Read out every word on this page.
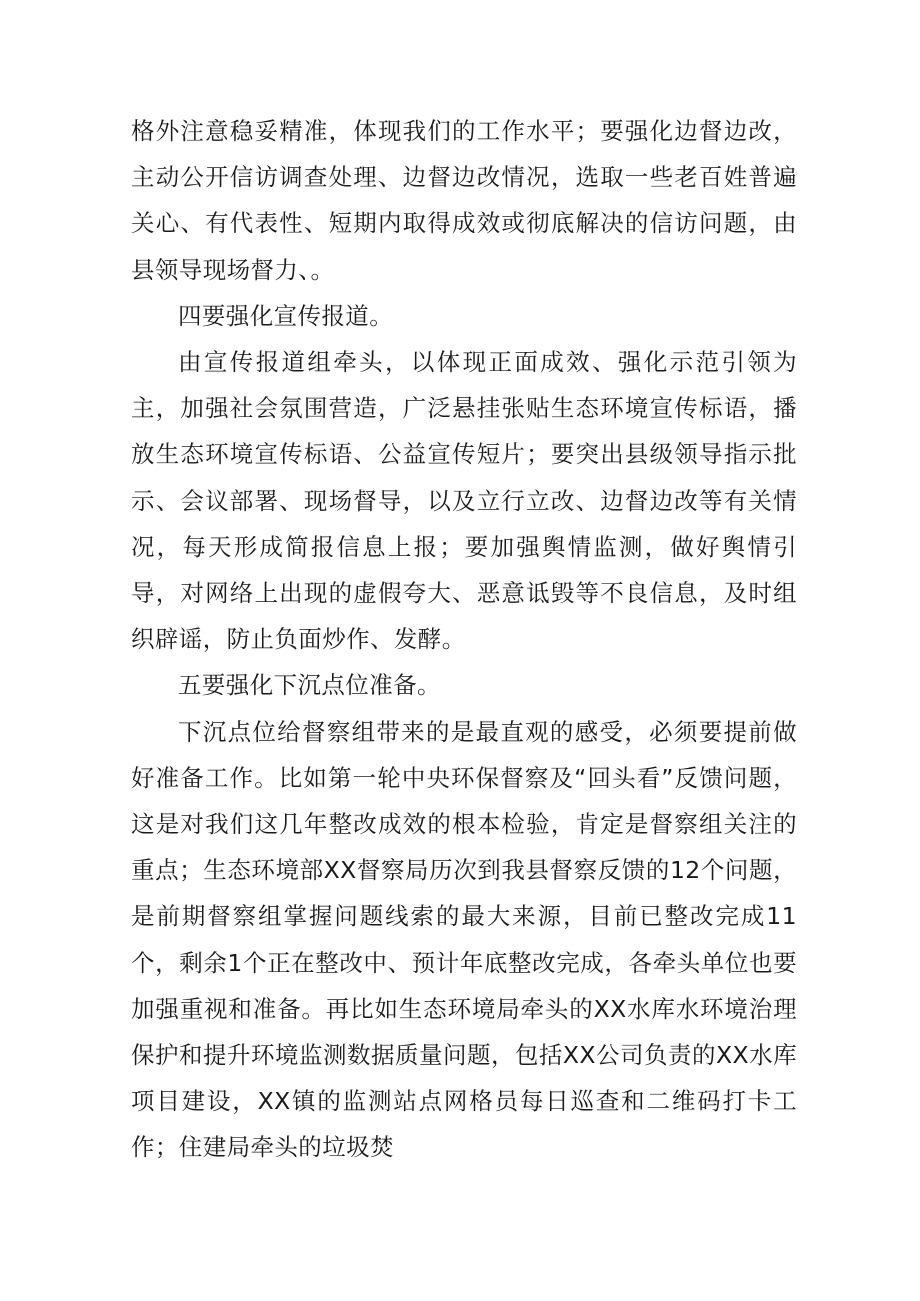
格外注意稳妥精准，体现我们的工作水平；要强化边督边改，主动公开信访调查处理、边督边改情况，选取一些老百姓普遍关心、有代表性、短期内取得成效或彻底解决的信访问题，由县领导现场督力、。

四要强化宣传报道。

由宣传报道组牵头，以体现正面成效、强化示范引领为主，加强社会氛围营造，广泛悬挂张贴生态环境宣传标语，播放生态环境宣传标语、公益宣传短片；要突出县级领导指示批示、会议部署、现场督导，以及立行立改、边督边改等有关情况，每天形成简报信息上报；要加强舆情监测，做好舆情引导，对网络上出现的虚假夸大、恶意诋毁等不良信息，及时组织辟谣，防止负面炒作、发酵。

五要强化下沉点位准备。

下沉点位给督察组带来的是最直观的感受，必须要提前做好准备工作。比如第一轮中央环保督察及“回头看”反馈问题，这是对我们这几年整改成效的根本检验，肯定是督察组关注的重点；生态环境部XX督察局历次到我县督察反馈的12个问题，是前期督察组掌握问题线索的最大来源，目前已整改完成11个，剩余1个正在整改中、预计年底整改完成，各牵头单位也要加强重视和准备。再比如生态环境局牵头的XX水库水环境治理保护和提升环境监测数据质量问题，包括XX公司负责的XX水库项目建设，XX镇的监测站点网格员每日巡查和二维码打卡工作；住建局牵头的垃圾焚
